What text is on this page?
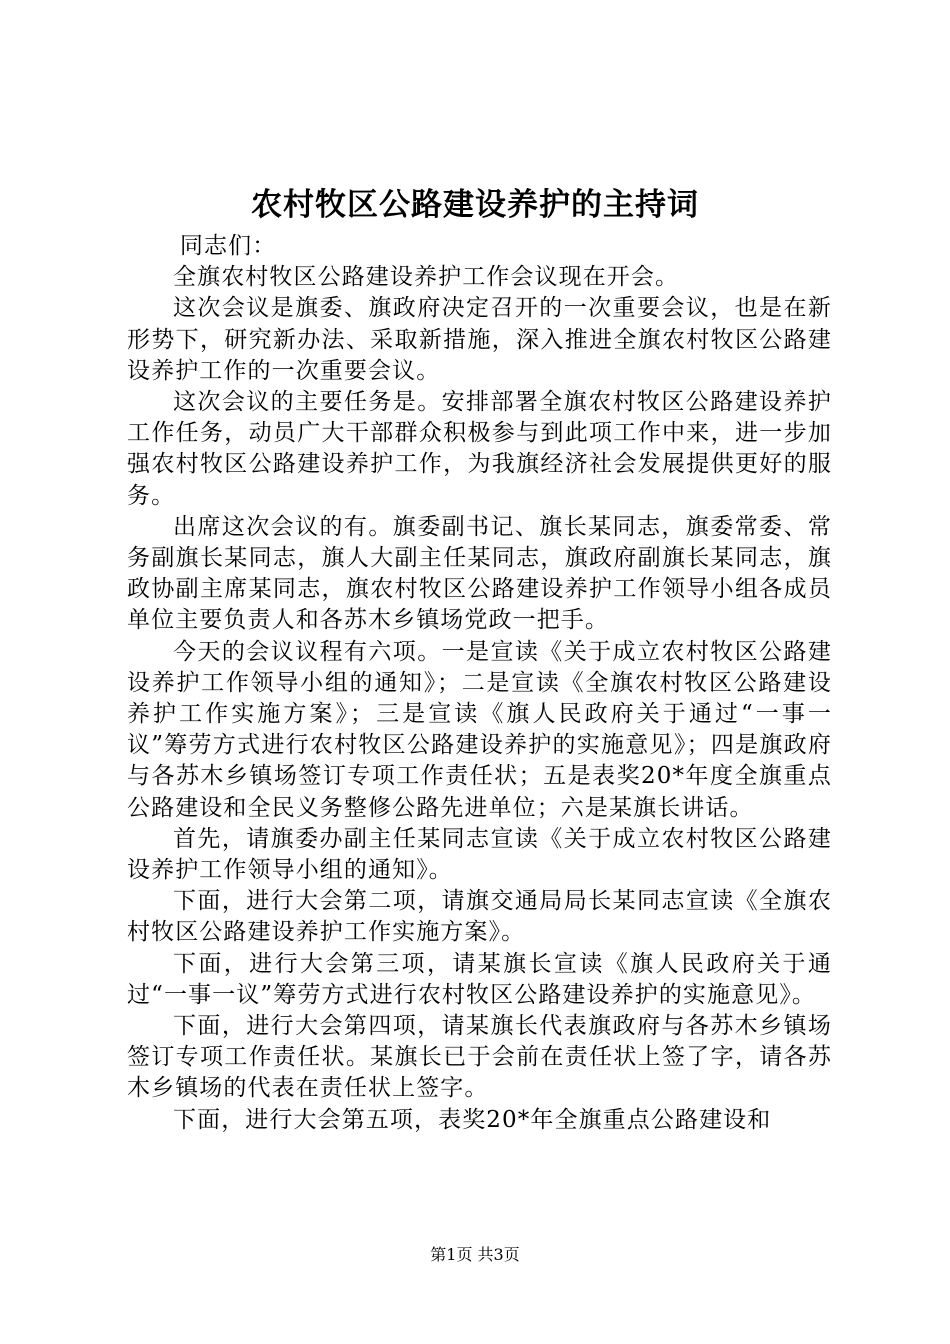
农村牧区公路建设养护的主持词

同志们：

全旗农村牧区公路建设养护工作会议现在开会。

这次会议是旗委、旗政府决定召开的一次重要会议，也是在新形势下，研究新办法、采取新措施，深入推进全旗农村牧区公路建设养护工作的一次重要会议。

这次会议的主要任务是。安排部署全旗农村牧区公路建设养护工作任务，动员广大干部群众积极参与到此项工作中来，进一步加强农村牧区公路建设养护工作，为我旗经济社会发展提供更好的服务。

出席这次会议的有。旗委副书记、旗长某同志，旗委常委、常务副旗长某同志，旗人大副主任某同志，旗政府副旗长某同志，旗政协副主席某同志，旗农村牧区公路建设养护工作领导小组各成员单位主要负责人和各苏木乡镇场党政一把手。

今天的会议议程有六项。一是宣读《关于成立农村牧区公路建设养护工作领导小组的通知》；二是宣读《全旗农村牧区公路建设养护工作实施方案》；三是宣读《旗人民政府关于通过“一事一议”筹劳方式进行农村牧区公路建设养护的实施意见》；四是旗政府与各苏木乡镇场签订专项工作责任状；五是表奖20*年度全旗重点公路建设和全民义务整修公路先进单位；六是某旗长讲话。

首先，请旗委办副主任某同志宣读《关于成立农村牧区公路建设养护工作领导小组的通知》。

下面，进行大会第二项，请旗交通局局长某同志宣读《全旗农村牧区公路建设养护工作实施方案》。

下面，进行大会第三项，请某旗长宣读《旗人民政府关于通过“一事一议”筹劳方式进行农村牧区公路建设养护的实施意见》。

下面，进行大会第四项，请某旗长代表旗政府与各苏木乡镇场签订专项工作责任状。某旗长已于会前在责任状上签了字，请各苏木乡镇场的代表在责任状上签字。

下面，进行大会第五项，表奖20*年全旗重点公路建设和

第1页 共3页
